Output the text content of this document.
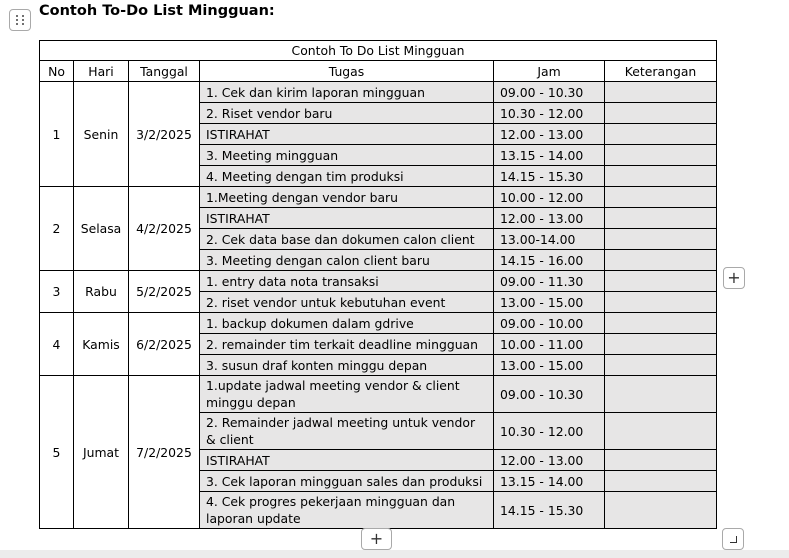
Contoh To-Do List Mingguan:
Contoh To Do List Mingguan					
No	Hari	Tanggal	Tugas	Jam	Keterangan
1	Senin	3/2/2025	1. Cek dan kirim laporan mingguan	09.00 - 10.30	
			2. Riset vendor baru	10.30 - 12.00	
			ISTIRAHAT	12.00 - 13.00	
			3. Meeting mingguan	13.15 - 14.00	
			4. Meeting dengan tim produksi	14.15 - 15.30	
2	Selasa	4/2/2025	1.Meeting dengan vendor baru	10.00 - 12.00	
			ISTIRAHAT	12.00 - 13.00	
			2. Cek data base dan dokumen calon client	13.00-14.00	
			3. Meeting dengan calon client baru	14.15 - 16.00	
3	Rabu	5/2/2025	1. entry data nota transaksi	09.00 - 11.30	
			2. riset vendor untuk kebutuhan event	13.00 - 15.00	
4	Kamis	6/2/2025	1. backup dokumen dalam gdrive	09.00 - 10.00	
			2. remainder tim terkait deadline mingguan	10.00 - 11.00	
			3. susun draf konten minggu depan	13.00 - 15.00	
5	Jumat	7/2/2025	1.update jadwal meeting vendor & client minggu depan	09.00 - 10.30	
			2. Remainder jadwal meeting untuk vendor & client	10.30 - 12.00	
			ISTIRAHAT	12.00 - 13.00	
			3. Cek laporan mingguan sales dan produksi	13.15 - 14.00	
			4. Cek progres pekerjaan mingguan dan laporan update	14.15 - 15.30	
+
+
